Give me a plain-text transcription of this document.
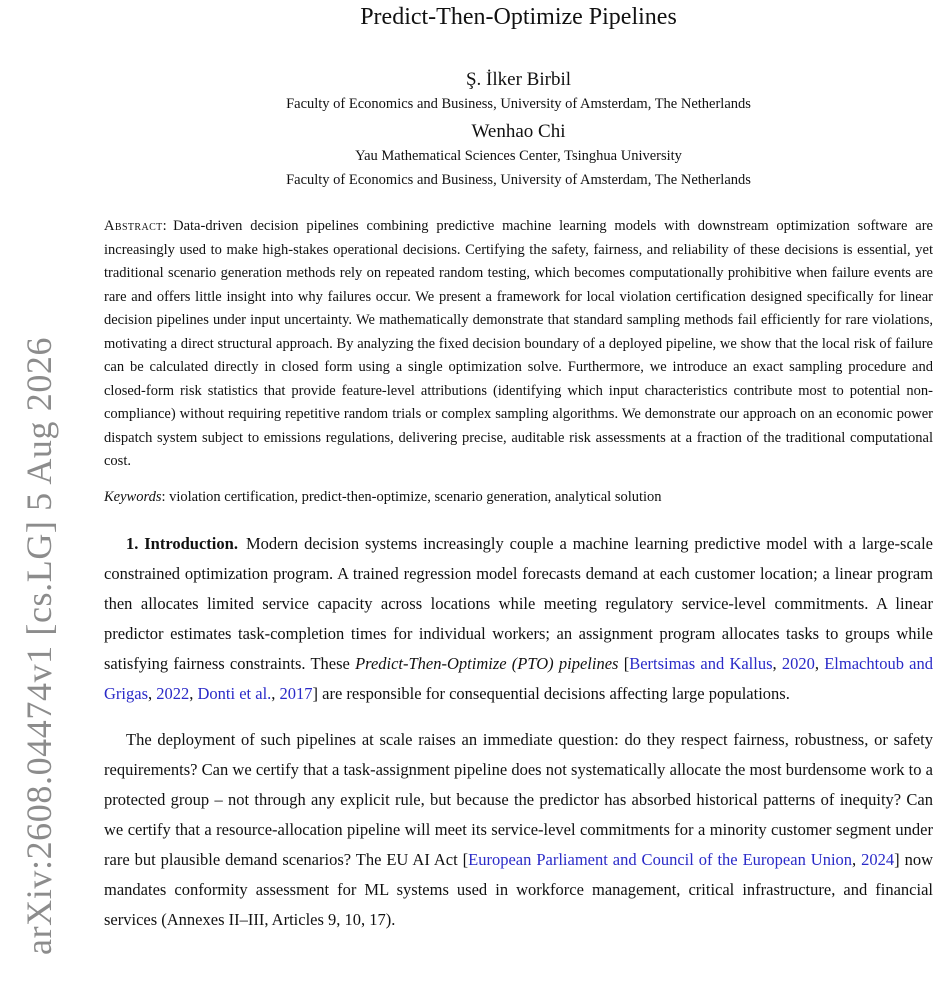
arXiv:2608.04474v1 [cs.LG] 5 Aug 2026
Predict-Then-Optimize Pipelines
Ş. İlker Birbil
Faculty of Economics and Business, University of Amsterdam, The Netherlands
Wenhao Chi
Yau Mathematical Sciences Center, Tsinghua University
Faculty of Economics and Business, University of Amsterdam, The Netherlands
Abstract: Data-driven decision pipelines combining predictive machine learning models with downstream optimization software are increasingly used to make high-stakes operational decisions. Certifying the safety, fairness, and reliability of these decisions is essential, yet traditional scenario generation methods rely on repeated random testing, which becomes computationally prohibitive when failure events are rare and offers little insight into why failures occur. We present a framework for local violation certification designed specifically for linear decision pipelines under input uncertainty. We mathematically demonstrate that standard sampling methods fail efficiently for rare violations, motivating a direct structural approach. By analyzing the fixed decision boundary of a deployed pipeline, we show that the local risk of failure can be calculated directly in closed form using a single optimization solve. Furthermore, we introduce an exact sampling procedure and closed-form risk statistics that provide feature-level attributions (identifying which input characteristics contribute most to potential non-compliance) without requiring repetitive random trials or complex sampling algorithms. We demonstrate our approach on an economic power dispatch system subject to emissions regulations, delivering precise, auditable risk assessments at a fraction of the traditional computational cost.
Keywords: violation certification, predict-then-optimize, scenario generation, analytical solution

1. Introduction. Modern decision systems increasingly couple a machine learning predictive model with a large-scale constrained optimization program. A trained regression model forecasts demand at each customer location; a linear program then allocates limited service capacity across locations while meeting regulatory service-level commitments. A linear predictor estimates task-completion times for individual workers; an assignment program allocates tasks to groups while satisfying fairness constraints. These Predict-Then-Optimize (PTO) pipelines [Bertsimas and Kallus, 2020, Elmachtoub and Grigas, 2022, Donti et al., 2017] are responsible for consequential decisions affecting large populations.

The deployment of such pipelines at scale raises an immediate question: do they respect fairness, robustness, or safety requirements? Can we certify that a task-assignment pipeline does not systematically allocate the most burdensome work to a protected group – not through any explicit rule, but because the predictor has absorbed historical patterns of inequity? Can we certify that a resource-allocation pipeline will meet its service-level commitments for a minority customer segment under rare but plausible demand scenarios? The EU AI Act [European Parliament and Council of the European Union, 2024] now mandates conformity assessment for ML systems used in workforce management, critical infrastructure, and financial services (Annexes II–III, Articles 9, 10, 17).
